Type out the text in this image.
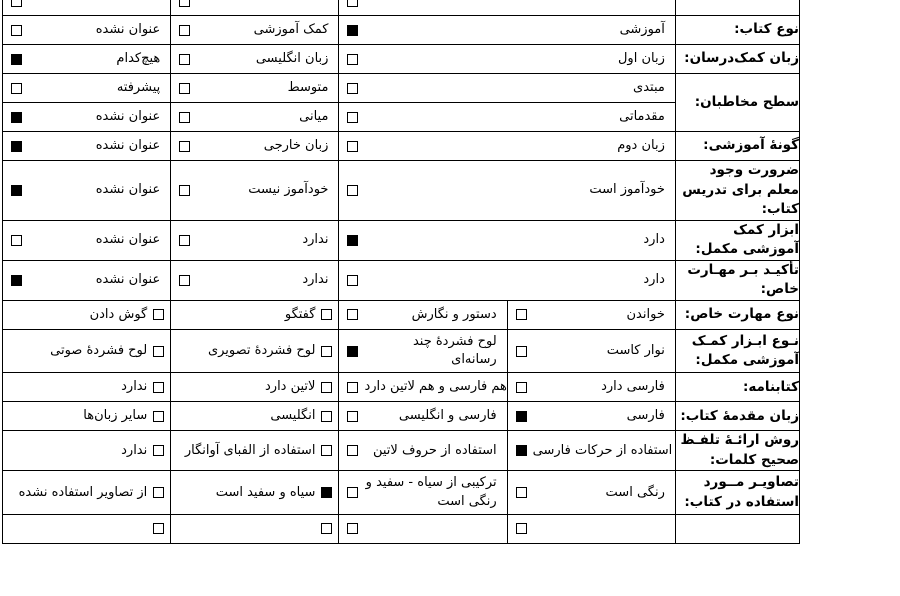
نوع کتاب:	آموزشی		کمک آموزشی	عنوان نشده

زبان کمک‌درسان:	زبان اول		زبان انگلیسی	هیچ‌کدام

سطح مخاطبان:	مبتدی		متوسط	پیشرفته

	مقدماتی		میانی	عنوان نشده

گونۀ آموزشی:	زبان دوم		زبان خارجی	عنوان نشده

ضرورت وجود معلم برای تدریس کتاب:	خودآموز است		خودآموز نیست	عنوان نشده

ابزار کمک آموزشی مکمل:	دارد		ندارد	عنوان نشده

تأکیـد بـر مهـارت خاص:	دارد		ندارد	عنوان نشده

نوع مهارت خاص:	خواندن	دستور و نگارش	گفتگو	گوش دادن

نـوع ابـزار کمـک آموزشی مکمل:	نوار کاست	لوح فشردۀ چند رسانه‌ای	لوح فشردۀ تصویری	لوح فشردۀ صوتی

کتابنامه:	فارسی دارد	هم فارسی و هم لاتین دارد	لاتین دارد	ندارد

زبان مقدمۀ کتاب:	فارسی	فارسی و انگلیسی	انگلیسی	سایر زبان‌ها

روش ارائـۀ تلفـظ صحیح کلمات:	استفاده از حرکات فارسی	استفاده از حروف لاتین	استفاده از الفبای آوانگار	ندارد

تصاویـر مــورد استفاده در کتاب:	رنگی است	ترکیبی از سیاه - سفید و رنگی است	سیاه و سفید است	از تصاویر استفاده نشده
